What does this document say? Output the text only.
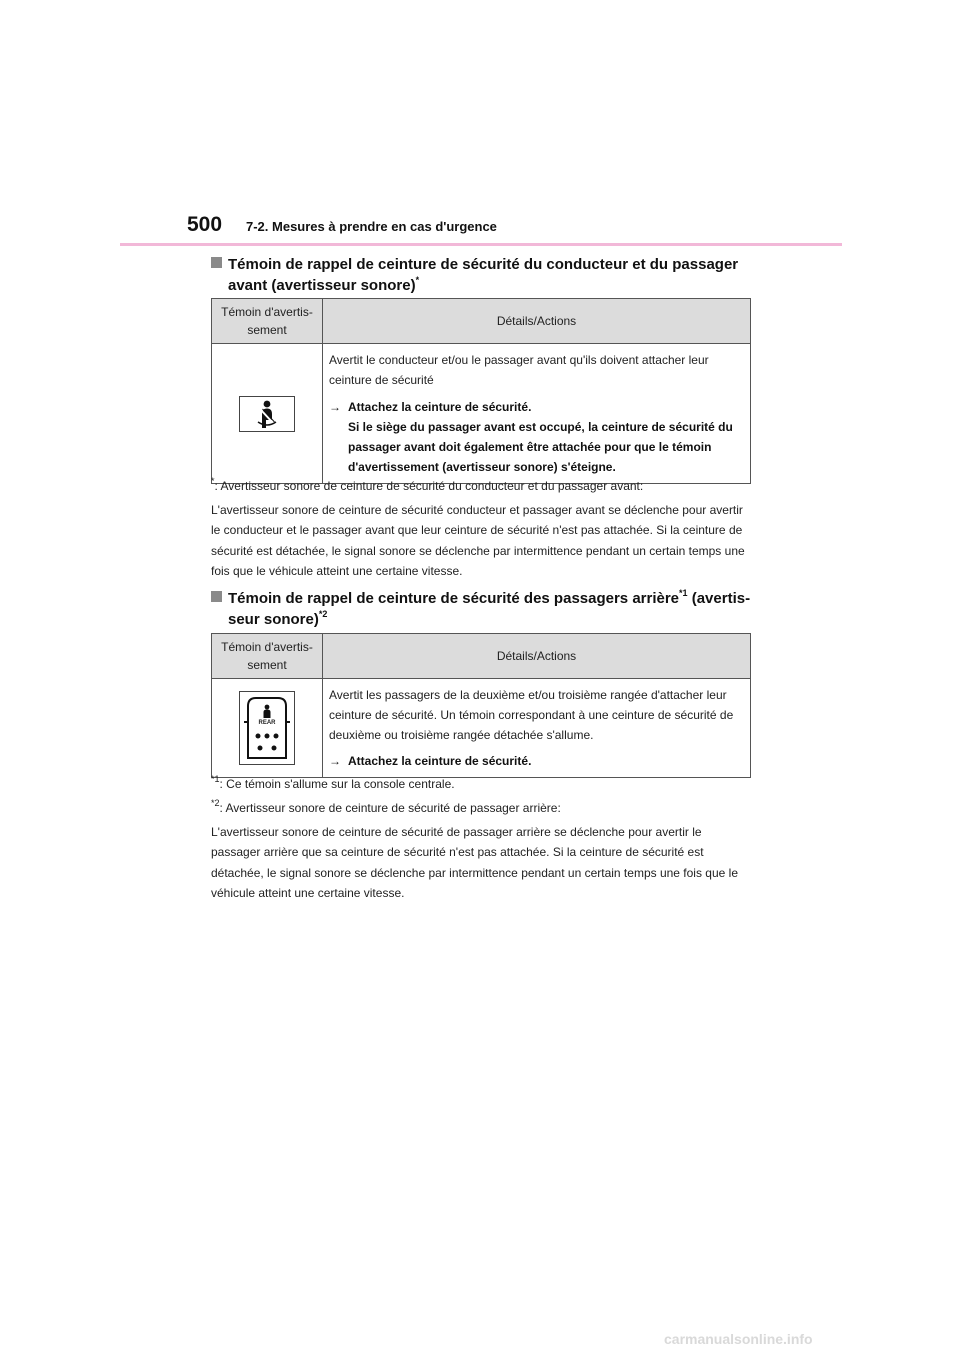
500 7-2. Mesures à prendre en cas d'urgence
Témoin de rappel de ceinture de sécurité du conducteur et du passager
avant (avertisseur sonore)*
Témoin d'avertis-
sement	Détails/Actions

Avertit le conducteur et/ou le passager avant qu'ils doivent attacher leur ceinture de sécurité
→ Attachez la ceinture de sécurité.
Si le siège du passager avant est occupé, la ceinture de sécurité du passager avant doit également être attachée pour que le témoin d'avertissement (avertisseur sonore) s'éteigne.
*: Avertisseur sonore de ceinture de sécurité du conducteur et du passager avant:
L'avertisseur sonore de ceinture de sécurité conducteur et passager avant se déclenche pour avertir le conducteur et le passager avant que leur ceinture de sécurité n'est pas attachée. Si la ceinture de sécurité est détachée, le signal sonore se déclenche par intermittence pendant un certain temps une fois que le véhicule atteint une certaine vitesse.
Témoin de rappel de ceinture de sécurité des passagers arrière$^{*1}$ (avertis-
seur sonore)$^{*2}$
Témoin d'avertis-
sement	Détails/Actions

REAR	Avertit les passagers de la deuxième et/ou troisième rangée d'attacher leur ceinture de sécurité. Un témoin correspondant à une ceinture de sécurité de deuxième ou troisième rangée détachée s'allume.
→ Attachez la ceinture de sécurité.
$^{*1}$: Ce témoin s'allume sur la console centrale.
$^{*2}$: Avertisseur sonore de ceinture de sécurité de passager arrière:
L'avertisseur sonore de ceinture de sécurité de passager arrière se déclenche pour avertir le passager arrière que sa ceinture de sécurité n'est pas attachée. Si la ceinture de sécurité est détachée, le signal sonore se déclenche par intermittence pendant un certain temps une fois que le véhicule atteint une certaine vitesse.
carmanualsonline.info
